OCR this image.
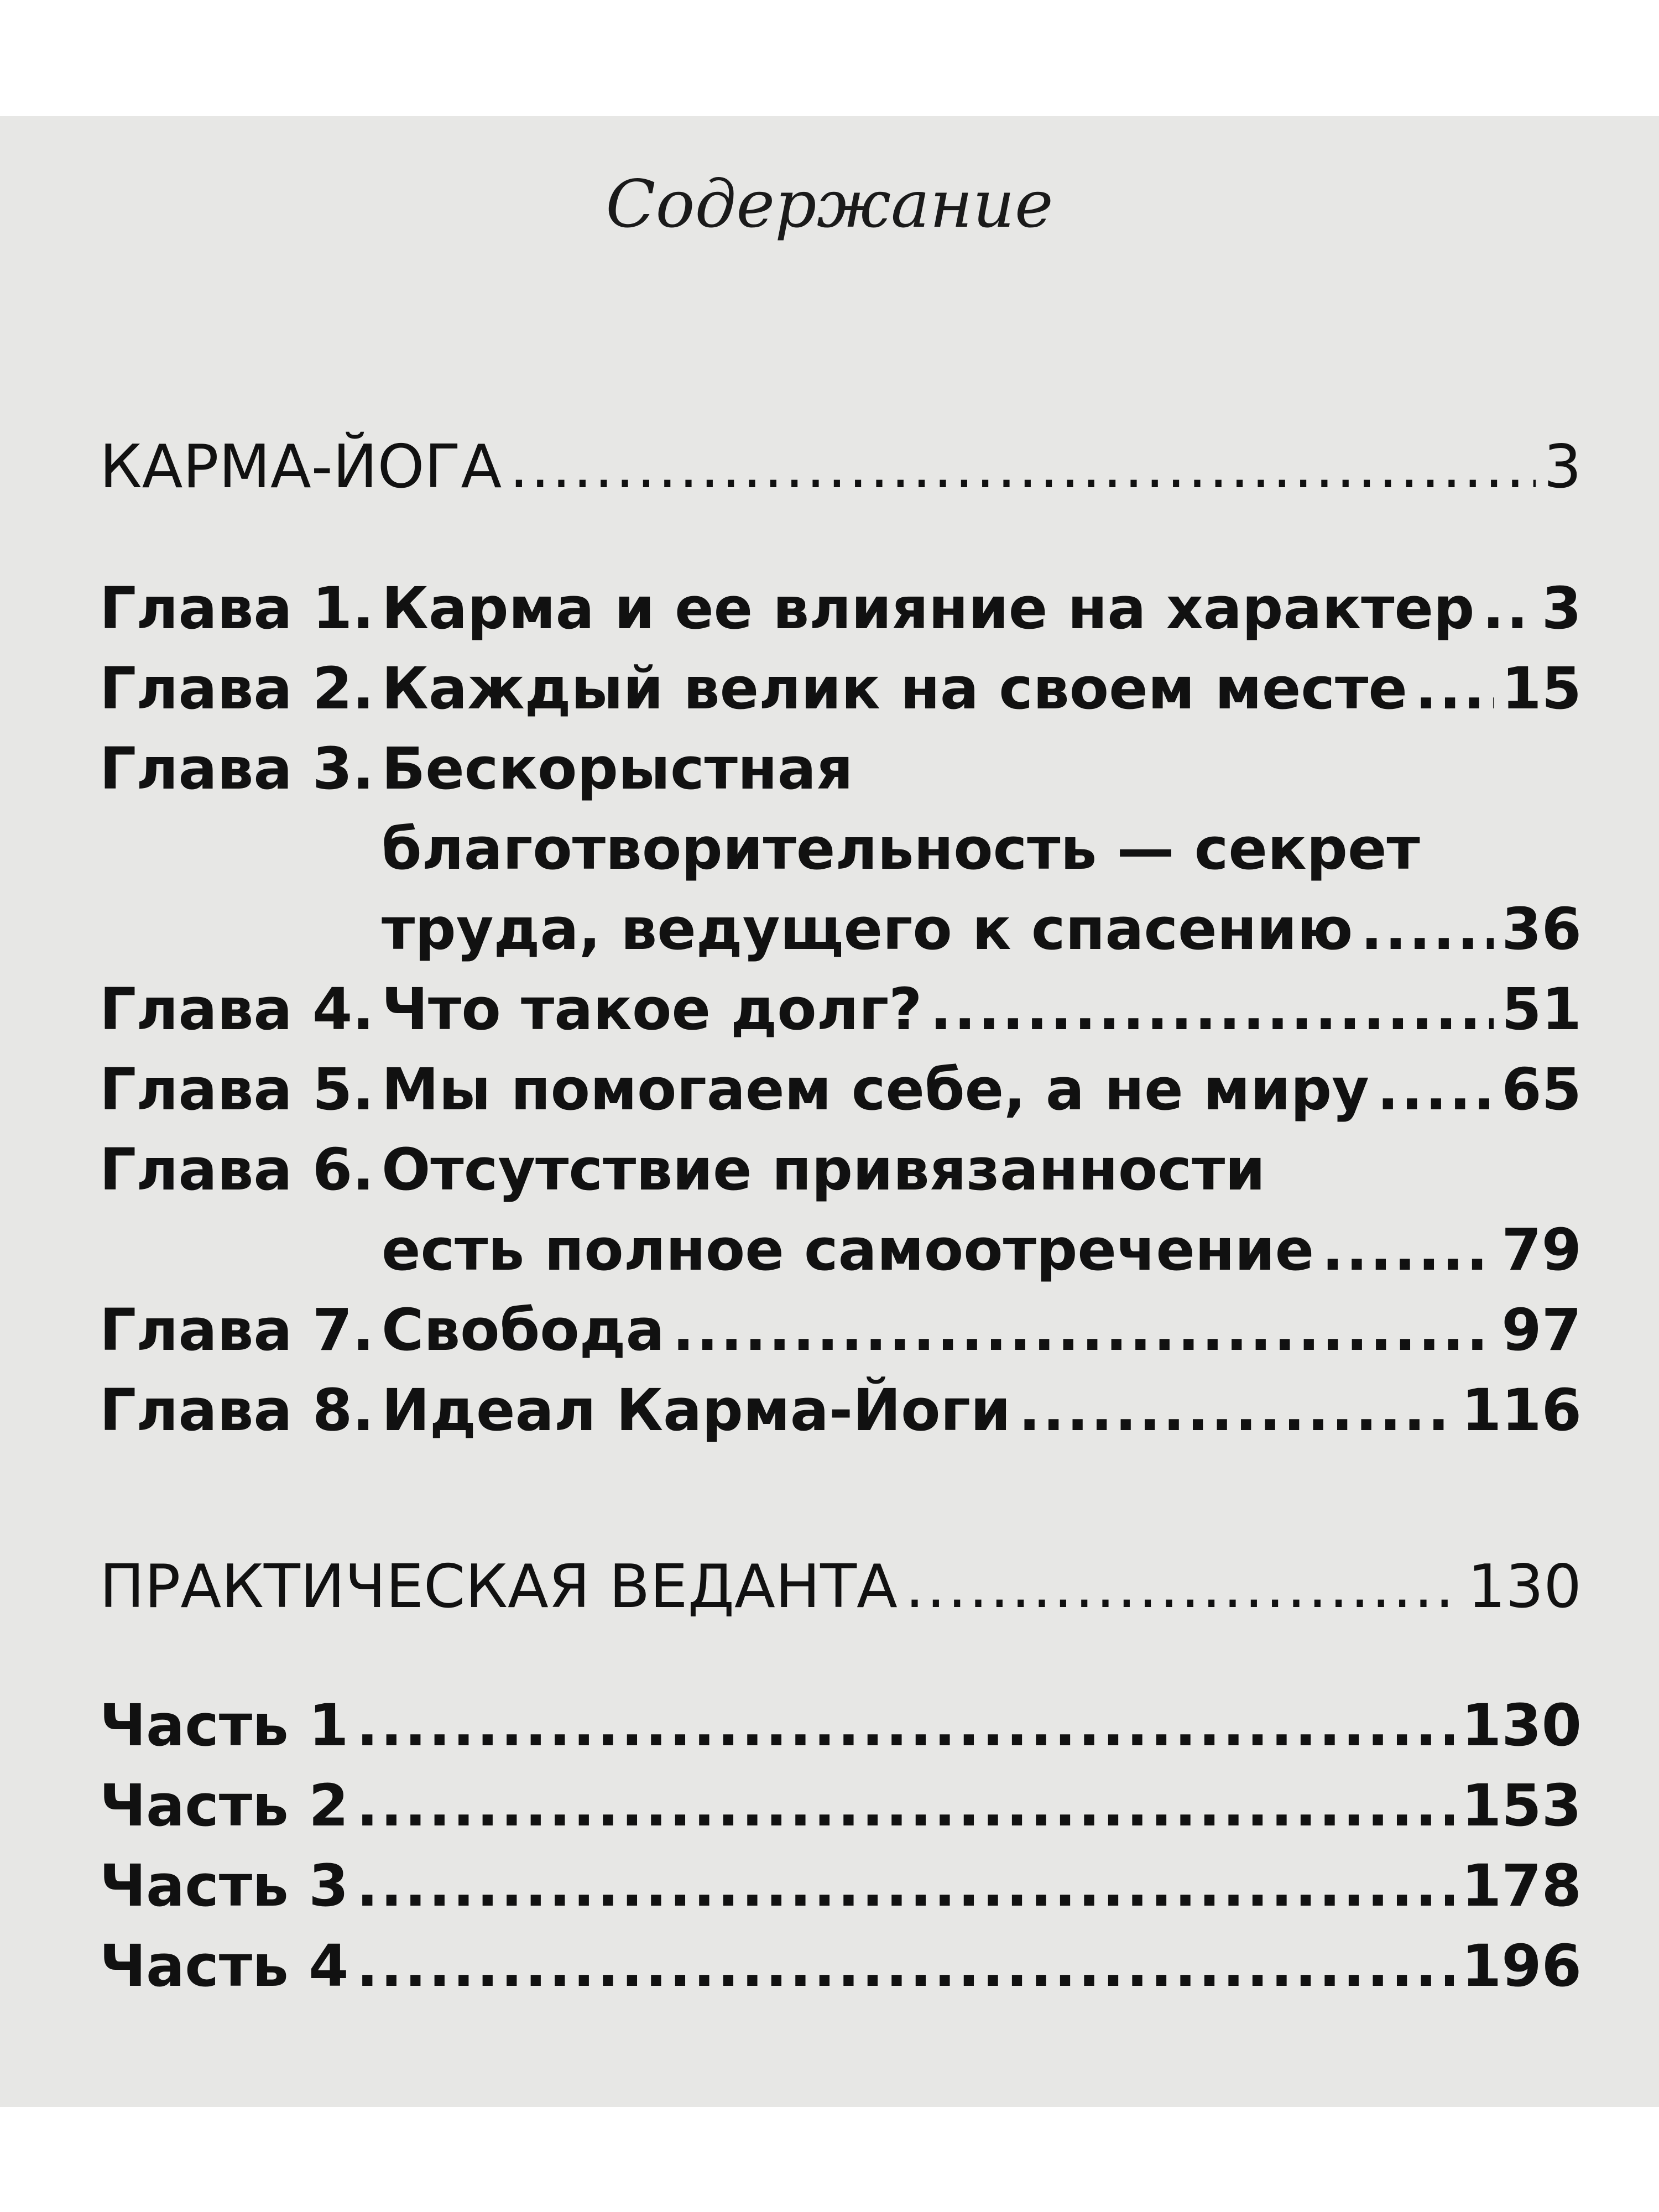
Содержание
КАРМА-ЙОГА .....	3
Глава 1. Карма и ее влияние на характер ..... 3
Глава 2. Каждый велик на своем месте ..... 15
Глава 3. Бескорыстная
благотворительность — секрет
труда, ведущего к спасению .....	36
Глава 4. Что такое долг? .....	51
Глава 5. Мы помогаем себе, а не миру ..... 65
Глава 6. Отсутствие привязанности
есть полное самоотречение .....	79
Глава 7. Свобода .....	97
Глава 8. Идеал Карма-Йоги .....	116
ПРАКТИЧЕСКАЯ ВЕДАНТА .....	130
Часть 1 .....	130
Часть 2 .....	153
Часть 3 .....	178
Часть 4 .....	196
